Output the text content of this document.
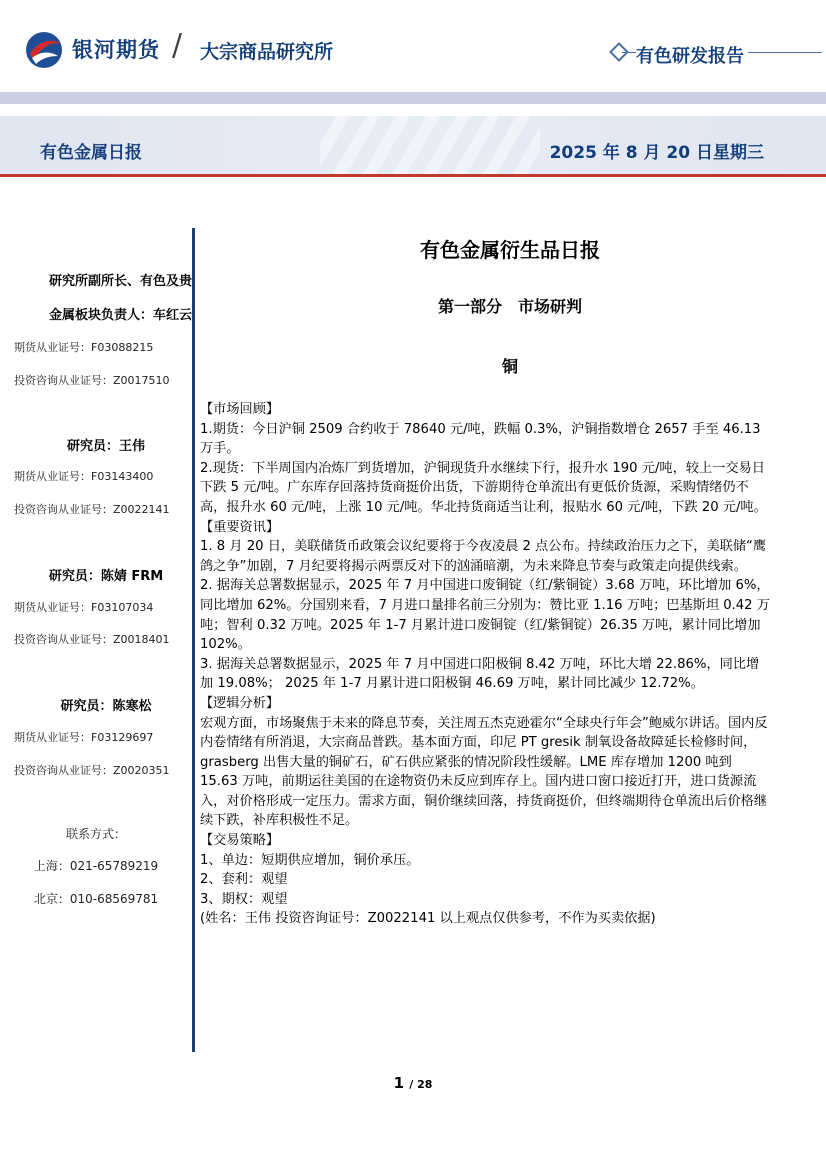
银河期货 / 大宗商品研究所	有色研发报告
有色金属日报	2025 年 8 月 20 日星期三
研究所副所长、有色及贵
金属板块负责人：车红云
期货从业证号：F03088215
投资咨询从业证号：Z0017510
研究员：王伟
期货从业证号：F03143400
投资咨询从业证号：Z0022141
研究员：陈婧 FRM
期货从业证号：F03107034
投资咨询从业证号：Z0018401
研究员：陈寒松
期货从业证号：F03129697
投资咨询从业证号：Z0020351
联系方式：
上海：021-65789219
北京：010-68569781
有色金属衍生品日报
第一部分　市场研判
铜

【市场回顾】

1.期货：今日沪铜 2509 合约收于 78640 元/吨，跌幅 0.3%，沪铜指数增仓 2657 手至 46.13 万手。

2.现货：下半周国内冶炼厂到货增加，沪铜现货升水继续下行，报升水 190 元/吨，较上一交易日下跌 5 元/吨。广东库存回落持货商挺价出货，下游期待仓单流出有更低价货源，采购情绪仍不高，报升水 60 元/吨，上涨 10 元/吨。华北持货商适当让利，报贴水 60 元/吨，下跌 20 元/吨。

【重要资讯】

1. 8 月 20 日，美联储货币政策会议纪要将于今夜凌晨 2 点公布。持续政治压力之下，美联储“鹰鸽之争”加剧，7 月纪要将揭示两票反对下的汹涌暗潮，为未来降息节奏与政策走向提供线索。

2. 据海关总署数据显示，2025 年 7 月中国进口废铜锭（红/紫铜锭）3.68 万吨，环比增加 6%，同比增加 62%。分国别来看，7 月进口量排名前三分别为：赞比亚 1.16 万吨；巴基斯坦 0.42 万吨；智利 0.32 万吨。2025 年 1-7 月累计进口废铜锭（红/紫铜锭）26.35 万吨，累计同比增加 102%。

3. 据海关总署数据显示，2025 年 7 月中国进口阳极铜 8.42 万吨，环比大增 22.86%，同比增加 19.08%； 2025 年 1-7 月累计进口阳极铜 46.69 万吨，累计同比减少 12.72%。

【逻辑分析】

宏观方面，市场聚焦于未来的降息节奏，关注周五杰克逊霍尔“全球央行年会”鲍威尔讲话。国内反内卷情绪有所消退，大宗商品普跌。基本面方面，印尼 PT gresik 制氧设备故障延长检修时间，grasberg 出售大量的铜矿石，矿石供应紧张的情况阶段性缓解。LME 库存增加 1200 吨到 15.63 万吨，前期运往美国的在途物资仍未反应到库存上。国内进口窗口接近打开，进口货源流入，对价格形成一定压力。需求方面，铜价继续回落，持货商挺价，但终端期待仓单流出后价格继续下跌，补库积极性不足。

【交易策略】

1、单边：短期供应增加，铜价承压。

2、套利：观望

3、期权：观望

(姓名：王伟 投资咨询证号：Z0022141 以上观点仅供参考，不作为买卖依据)

1 / 28
